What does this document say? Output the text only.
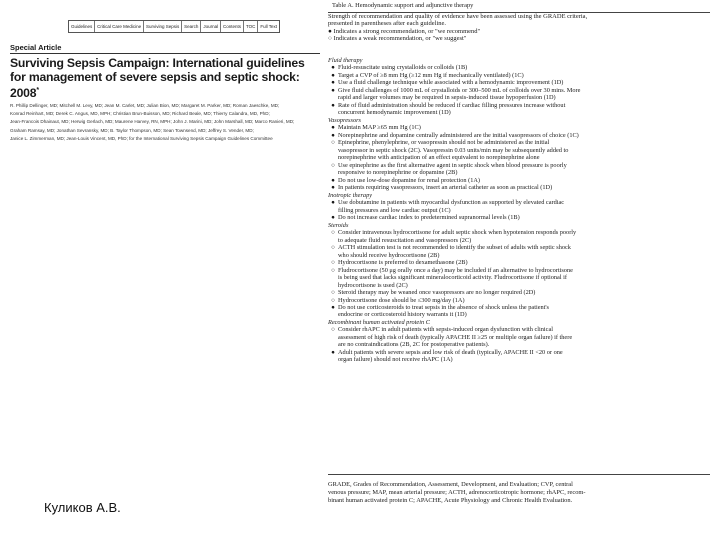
Guidelines	Critical Care Medicine	Surviving Sepsis	Search	Journal	Contents	TOC	Full Text
Special Article
Surviving Sepsis Campaign: International guidelines for management of severe sepsis and septic shock: 2008*
R. Phillip Dellinger, MD; Mitchell M. Levy, MD; Jean M. Carlet, MD; Julian Bion, MD; Margaret M. Parker, MD; Roman Jaeschke, MD;
Konrad Reinhart, MD; Derek C. Angus, MD, MPH; Christian Brun-Buisson, MD; Richard Beale, MD; Thierry Calandra, MD, PhD;
Jean-Francois Dhainaut, MD; Herwig Gerlach, MD; Maurene Harvey, RN, MPH; John J. Marini, MD; John Marshall, MD; Marco Ranieri, MD;
Graham Ramsay, MD; Jonathan Sevransky, MD; B. Taylor Thompson, MD; Sean Townsend, MD; Jeffrey S. Vender, MD;
Janice L. Zimmerman, MD; Jean-Louis Vincent, MD, PhD; for the International Surviving Sepsis Campaign Guidelines Committee
Куликов А.В.
Table A. Hemodynamic support and adjunctive therapy
Strength of recommendation and quality of evidence have been assessed using the GRADE criteria,
presented in parentheses after each guideline.
● Indicates a strong recommendation, or "we recommend"
○ Indicates a weak recommendation, or "we suggest"
Fluid therapy
● Fluid-resuscitate using crystalloids or colloids (1B)
● Target a CVP of ≥8 mm Hg (≥12 mm Hg if mechanically ventilated) (1C)
● Use a fluid challenge technique while associated with a hemodynamic improvement (1D)
● Give fluid challenges of 1000 mL of crystalloids or 300–500 mL of colloids over 30 mins. More
rapid and larger volumes may be required in sepsis-induced tissue hypoperfusion (1D)
● Rate of fluid administration should be reduced if cardiac filling pressures increase without
concurrent hemodynamic improvement (1D)
Vasopressors
● Maintain MAP ≥65 mm Hg (1C)
● Norepinephrine and dopamine centrally administered are the initial vasopressors of choice (1C)
○ Epinephrine, phenylephrine, or vasopressin should not be administered as the initial
vasopressor in septic shock (2C). Vasopressin 0.03 units/min may be subsequently added to
norepinephrine with anticipation of an effect equivalent to norepinephrine alone
○ Use epinephrine as the first alternative agent in septic shock when blood pressure is poorly
responsive to norepinephrine or dopamine (2B)
● Do not use low-dose dopamine for renal protection (1A)
● In patients requiring vasopressors, insert an arterial catheter as soon as practical (1D)
Inotropic therapy
● Use dobutamine in patients with myocardial dysfunction as supported by elevated cardiac
filling pressures and low cardiac output (1C)
● Do not increase cardiac index to predetermined supranormal levels (1B)
Steroids
○ Consider intravenous hydrocortisone for adult septic shock when hypotension responds poorly
to adequate fluid resuscitation and vasopressors (2C)
○ ACTH stimulation test is not recommended to identify the subset of adults with septic shock
who should receive hydrocortisone (2B)
○ Hydrocortisone is preferred to dexamethasone (2B)
○ Fludrocortisone (50 μg orally once a day) may be included if an alternative to hydrocortisone
is being used that lacks significant mineralocorticoid activity. Fludrocortisone if optional if
hydrocortisone is used (2C)
○ Steroid therapy may be weaned once vasopressors are no longer required (2D)
○ Hydrocortisone dose should be ≤300 mg/day (1A)
● Do not use corticosteroids to treat sepsis in the absence of shock unless the patient's
endocrine or corticosteroid history warrants it (1D)
Recombinant human activated protein C
○ Consider rhAPC in adult patients with sepsis-induced organ dysfunction with clinical
assessment of high risk of death (typically APACHE II ≥25 or multiple organ failure) if there
are no contraindications (2B, 2C for postoperative patients).
● Adult patients with severe sepsis and low risk of death (typically, APACHE II <20 or one
organ failure) should not receive rhAPC (1A)
GRADE, Grades of Recommendation, Assessment, Development, and Evaluation; CVP, central
venous pressure; MAP, mean arterial pressure; ACTH, adrenocorticotropic hormone; rhAPC, recom-
binant human activated protein C; APACHE, Acute Physiology and Chronic Health Evaluation.
